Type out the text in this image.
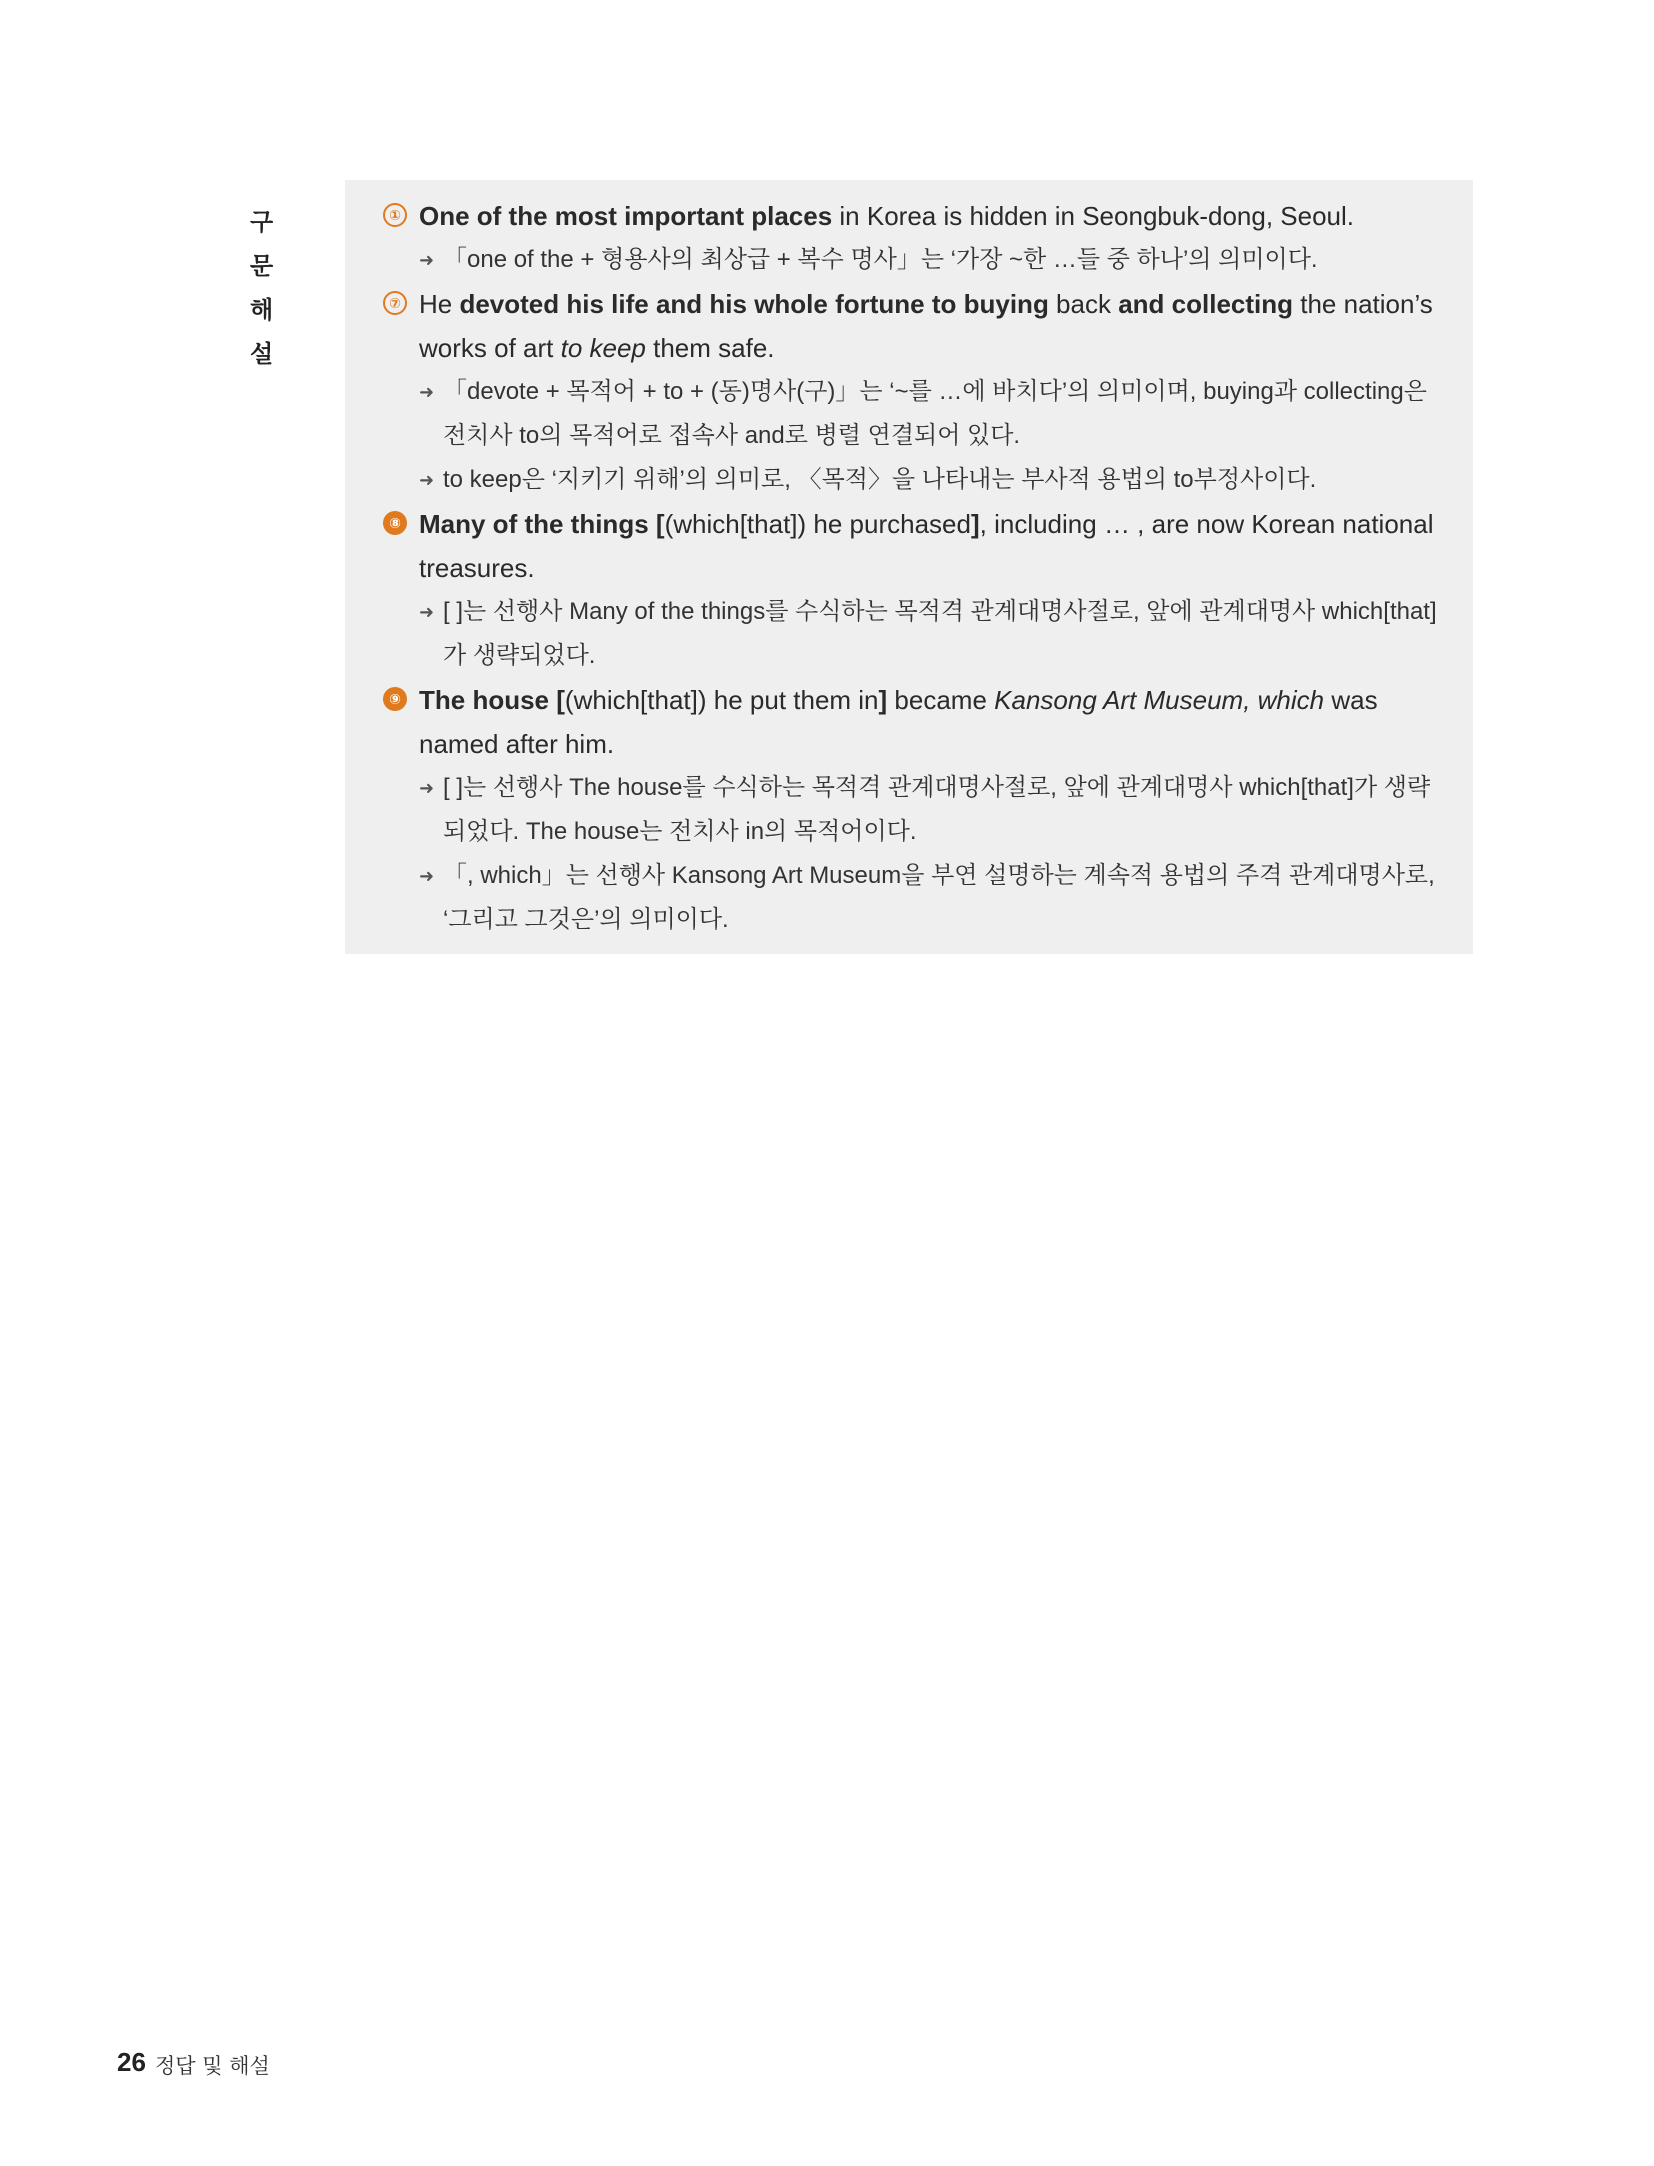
구 문
해 설
① One of the most important places in Korea is hidden in Seongbuk-dong, Seoul.
➜ 「one of the + 형용사의 최상급 + 복수 명사」는 ‘가장 ~한 …들 중 하나’의 의미이다.
⑦ He devoted his life and his whole fortune to buying back and collecting the nation’s works of art to keep them safe.
➜ 「devote + 목적어 + to + (동)명사(구)」는 ‘~를 …에 바치다’의 의미이며, buying과 collecting은 전치사 to의 목적어로 접속사 and로 병렬 연결되어 있다.
➜ to keep은 ‘지키기 위해’의 의미로, 〈목적〉을 나타내는 부사적 용법의 to부정사이다.
⑧ Many of the things [(which[that]) he purchased], including … , are now Korean national treasures.
➜ [ ]는 선행사 Many of the things를 수식하는 목적격 관계대명사절로, 앞에 관계대명사 which[that]가 생략되었다.
⑨ The house [(which[that]) he put them in] became Kansong Art Museum, which was named after him.
➜ [ ]는 선행사 The house를 수식하는 목적격 관계대명사절로, 앞에 관계대명사 which[that]가 생략되었다. The house는 전치사 in의 목적어이다.
➜ 「, which」는 선행사 Kansong Art Museum을 부연 설명하는 계속적 용법의 주격 관계대명사로, ‘그리고 그것은’의 의미이다.
26 정답 및 해설
